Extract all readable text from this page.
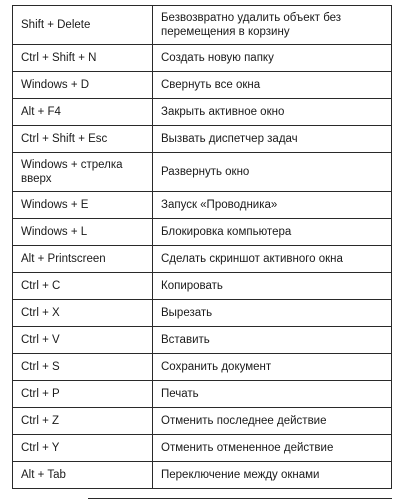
Shift + Delete	Безвозвратно удалить объект без перемещения в корзину
Ctrl + Shift + N	Создать новую папку
Windows + D	Свернуть все окна
Alt + F4	Закрыть активное окно
Ctrl + Shift + Esc	Вызвать диспетчер задач
Windows + стрелка вверх	Развернуть окно
Windows + E	Запуск «Проводника»
Windows + L	Блокировка компьютера
Alt + Printscreen	Сделать скриншот активного окна
Ctrl + C	Копировать
Ctrl + X	Вырезать
Ctrl + V	Вставить
Ctrl + S	Сохранить документ
Ctrl + P	Печать
Ctrl + Z	Отменить последнее действие
Ctrl + Y	Отменить отмененное действие
Alt + Tab	Переключение между окнами
